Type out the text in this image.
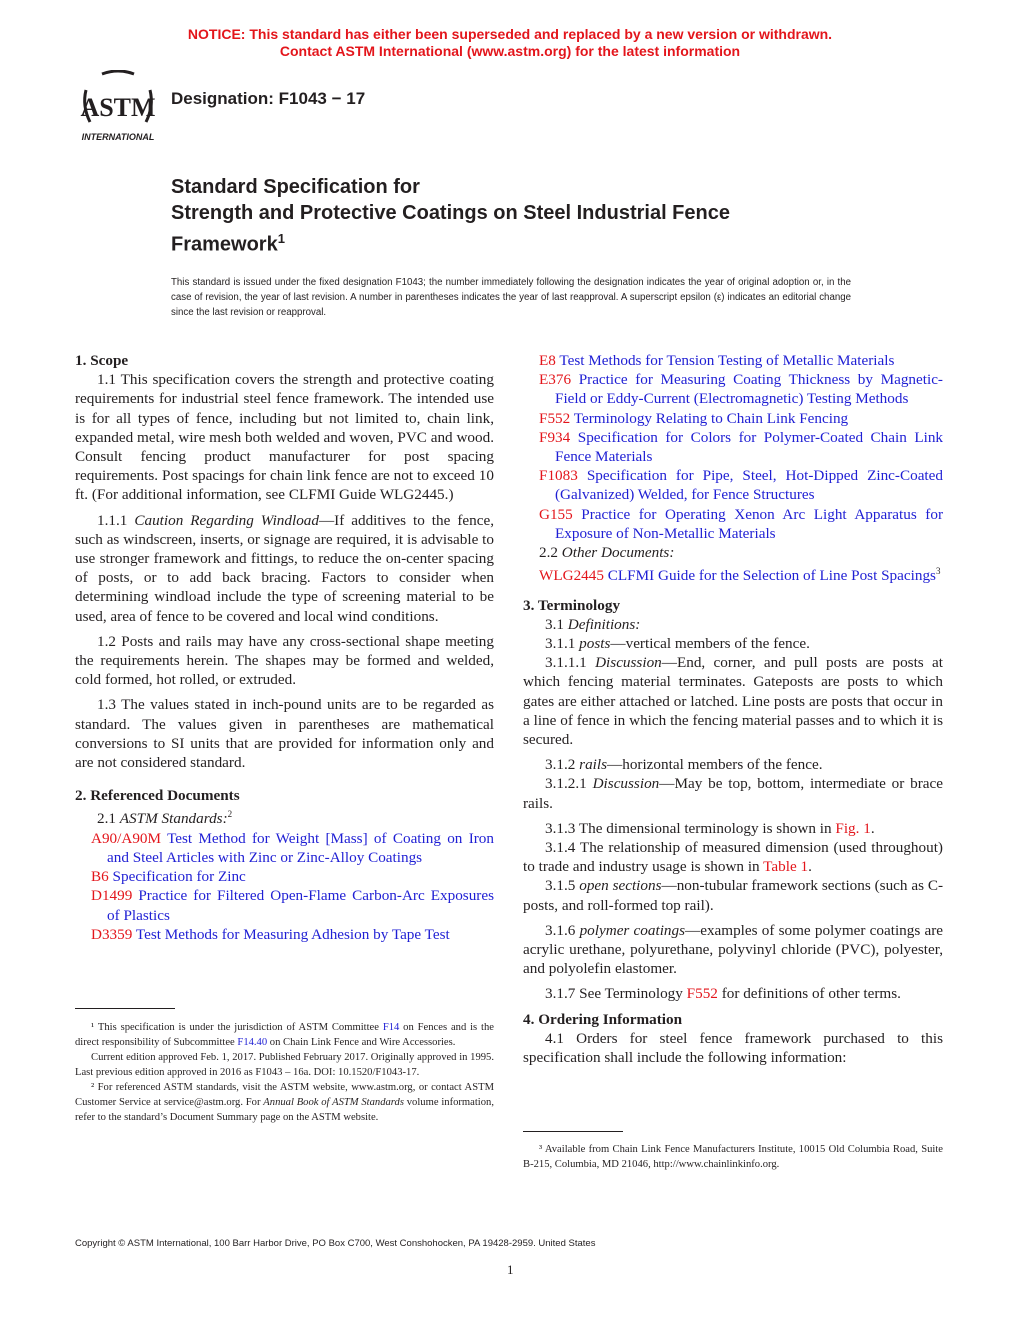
NOTICE: This standard has either been superseded and replaced by a new version or withdrawn.
Contact ASTM International (www.astm.org) for the latest information
ASTM
INTERNATIONAL
Designation: F1043 − 17
Standard Specification for
Strength and Protective Coatings on Steel Industrial Fence
Framework$^1$
This standard is issued under the fixed designation F1043; the number immediately following the designation indicates the year of original adoption or, in the case of revision, the year of last revision. A number in parentheses indicates the year of last reapproval. A superscript epsilon (ε) indicates an editorial change since the last revision or reapproval.

1. Scope

1.1 This specification covers the strength and protective coating requirements for industrial steel fence framework. The intended use is for all types of fence, including but not limited to, chain link, expanded metal, wire mesh both welded and woven, PVC and wood. Consult fencing product manufacturer for post spacing requirements. Post spacings for chain link fence are not to exceed 10 ft. (For additional information, see CLFMI Guide WLG2445.)

1.1.1 Caution Regarding Windload—If additives to the fence, such as windscreen, inserts, or signage are required, it is advisable to use stronger framework and fittings, to reduce the on-center spacing of posts, or to add back bracing. Factors to consider when determining windload include the type of screening material to be used, area of fence to be covered and local wind conditions.

1.2 Posts and rails may have any cross-sectional shape meeting the requirements herein. The shapes may be formed and welded, cold formed, hot rolled, or extruded.

1.3 The values stated in inch-pound units are to be regarded as standard. The values given in parentheses are mathematical conversions to SI units that are provided for information only and are not considered standard.

2. Referenced Documents

2.1 ASTM Standards:$^2$

A90/A90M Test Method for Weight [Mass] of Coating on Iron and Steel Articles with Zinc or Zinc-Alloy Coatings

B6 Specification for Zinc

D1499 Practice for Filtered Open-Flame Carbon-Arc Exposures of Plastics

D3359 Test Methods for Measuring Adhesion by Tape Test

¹ This specification is under the jurisdiction of ASTM Committee F14 on Fences and is the direct responsibility of Subcommittee F14.40 on Chain Link Fence and Wire Accessories.

Current edition approved Feb. 1, 2017. Published February 2017. Originally approved in 1995. Last previous edition approved in 2016 as F1043 – 16a. DOI: 10.1520/F1043-17.

² For referenced ASTM standards, visit the ASTM website, www.astm.org, or contact ASTM Customer Service at service@astm.org. For Annual Book of ASTM Standards volume information, refer to the standard’s Document Summary page on the ASTM website.

E8 Test Methods for Tension Testing of Metallic Materials

E376 Practice for Measuring Coating Thickness by Magnetic-Field or Eddy-Current (Electromagnetic) Testing Methods

F552 Terminology Relating to Chain Link Fencing

F934 Specification for Colors for Polymer-Coated Chain Link Fence Materials

F1083 Specification for Pipe, Steel, Hot-Dipped Zinc-Coated (Galvanized) Welded, for Fence Structures

G155 Practice for Operating Xenon Arc Light Apparatus for Exposure of Non-Metallic Materials

2.2 Other Documents:

WLG2445 CLFMI Guide for the Selection of Line Post Spacings$^3$

3. Terminology

3.1 Definitions:

3.1.1 posts—vertical members of the fence.

3.1.1.1 Discussion—End, corner, and pull posts are posts at which fencing material terminates. Gateposts are posts to which gates are either attached or latched. Line posts are posts that occur in a line of fence in which the fencing material passes and to which it is secured.

3.1.2 rails—horizontal members of the fence.

3.1.2.1 Discussion—May be top, bottom, intermediate or brace rails.

3.1.3 The dimensional terminology is shown in Fig. 1.

3.1.4 The relationship of measured dimension (used throughout) to trade and industry usage is shown in Table 1.

3.1.5 open sections—non-tubular framework sections (such as C-posts, and roll-formed top rail).

3.1.6 polymer coatings—examples of some polymer coatings are acrylic urethane, polyurethane, polyvinyl chloride (PVC), polyester, and polyolefin elastomer.

3.1.7 See Terminology F552 for definitions of other terms.

4. Ordering Information

4.1 Orders for steel fence framework purchased to this specification shall include the following information:

³ Available from Chain Link Fence Manufacturers Institute, 10015 Old Columbia Road, Suite B-215, Columbia, MD 21046, http://www.chainlinkinfo.org.

Copyright © ASTM International, 100 Barr Harbor Drive, PO Box C700, West Conshohocken, PA 19428-2959. United States
1
